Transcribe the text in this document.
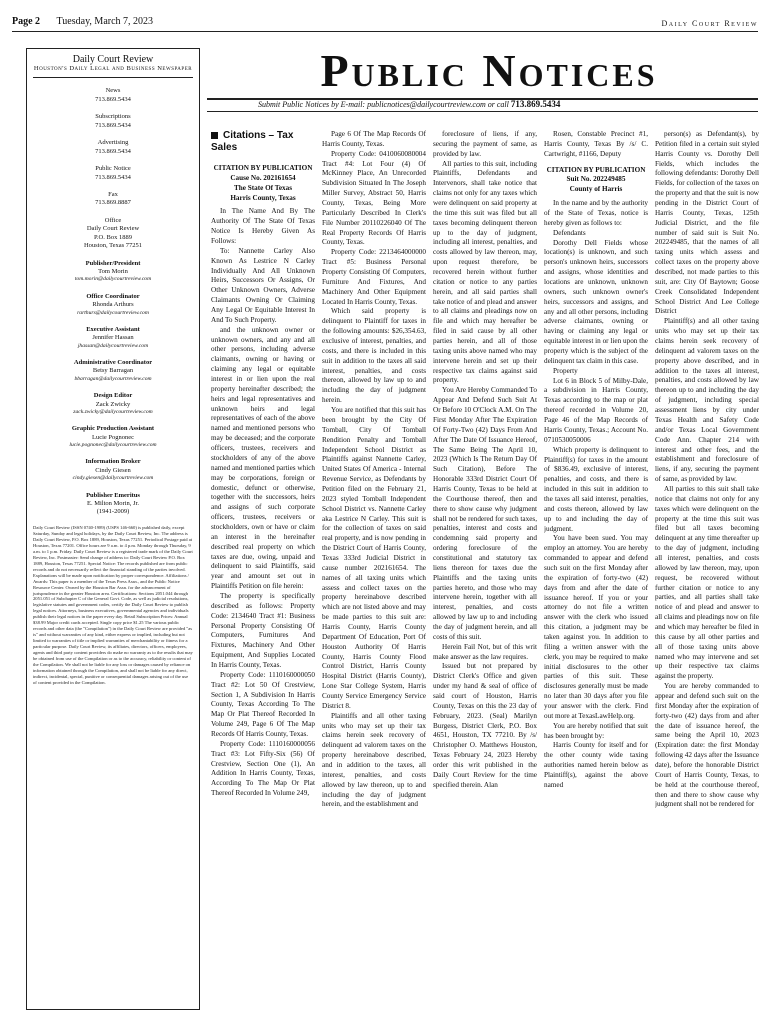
Page 2 Tuesday, March 7, 2023	Daily Court Review
Daily Court Review
Houston's Daily Legal and Business Newspaper
News
713.869.5434
Subscriptions
713.869.5434
Advertising
713.869.5434
Public Notice
713.869.5434
Fax
713.869.8887
Office
Daily Court Review
P.O. Box 1889
Houston, Texas 77251
Publisher/President
Tom Morin
tom.morin@dailycourtreview.com
Office Coordinator
Rhonda Arthurs
rarthurs@dailycourtreview.com
Executive Assistant
Jennifer Hassan
jhassan@dailycourtreview.com
Administrative Coordinator
Betsy Barragan
bbarragan@dailycourtreview.com
Design Editor
Zack Zwicky
zack.zwicky@dailycourtreview.com
Graphic Production Assistant
Lucie Pognonec
lucie.pognonec@dailycourtreview.com
Information Broker
Cindy Giesen
cindy.giesen@dailycourtreview.com
Publisher Emeritus
E. Milton Morin, Jr.
(1941-2009)
Daily Court Review (ISSN 0740-1989) (USPS 146-660) is published daily, except Saturday, Sunday and legal holidays, by the Daily Court Review, Inc. The address is Daily Court Review, P.O. Box 1889, Houston, Texas 77251. Periodical Postage paid at Houston, Texas 77201. Office hours are 9 a.m. to 4 p.m. Monday through Thursday, 9 a.m. to 1 p.m. Friday. Daily Court Review is a registered trade mark of the Daily Court Review, Inc. Postmaster: Send change of address to: Daily Court Review P.O. Box 1889, Houston, Texas 77251. Special Notice: The records published are from public records and do not necessarily reflect the financial standing of the parties involved. Explanations will be made upon notification by proper correspondence. Affiliations / Awards: This paper is a member of the Texas Press Assn., and the Public Notice Resource Center. Owned by the Houston Bar Assn. for the advancement of jurisprudence in the greater Houston area. Certifications: Sections 2051.044 through 2051.051 of Subchapter C of the General Govt. Code, as well as judicial resolutions, legislative statutes and government codes, certify the Daily Court Review to publish legal notices. Attorneys, business executives, governmental agencies and individuals publish their legal notices in the paper every day. Retail Subscription Prices: Annual $38.99 Major credit cards accepted. Single copy price $1.25 The various public records and other data (the "Compilation") in the Daily Court Review are provided "as is" and without warranties of any kind, either express or implied, including but not limited to warranties of title or implied warranties of merchantability or fitness for a particular purpose. Daily Court Review, its affiliates, directors, officers, employees, agents and third party content providers do make no warranty as to the results that may be obtained from use of the Compilation or as to the accuracy, reliability or content of the Compilation. We shall not be liable for any loss or damages caused by reliance on information obtained through the Compilation, and shall not be liable for any direct, indirect, incidental, special, punitive or consequential damages arising out of the use of content provided in the Compilation.
Public Notices
Submit Public Notices by E-mail: publicnotices@dailycourtreview.com or call 713.869.5434
Citations – Tax Sales
CITATION BY PUBLICATION
Cause No. 202161654
The State Of Texas
Harris County, Texas

In The Name And By The Authority Of The State Of Texas Notice Is Hereby Given As Follows:

To: Nannette Carley Also Known As Lestrice N Carley Individually And All Unknown Heirs, Successors Or Assigns, Or Other Unknown Owners, Adverse Claimants Owning Or Claiming Any Legal Or Equitable Interest In And To Such Property.

and the unknown owner or unknown owners, and any and all other persons, including adverse claimants, owning or having or claiming any legal or equitable interest in or lien upon the real property hereinafter described; the heirs and legal representatives and unknown heirs and legal representatives of each of the above named and mentioned persons who may be deceased; and the corporate officers, trustees, receivers and stockholders of any of the above named and mentioned parties which may be corporations, foreign or domestic, defunct or otherwise, together with the successors, heirs and assigns of such corporate officers, trustees, receivers or stockholders, own or have or claim an interest in the hereinafter described real property on which taxes are due, owing, unpaid and delinquent to said Plaintiffs, said year and amount set out in Plaintiffs Petition on file herein:

The property is specifically described as follows: Property Code: 2134640 Tract #1: Business Personal Property Consisting Of Computers, Furnitures And Fixtures, Machinery And Other Equipment, And Supplies Located In Harris County, Texas.

Property Code: 1110160000050 Tract #2: Lot 50 Of Crestview, Section 1, A Subdivision In Harris County, Texas According To The Map Or Plat Thereof Recorded In Volume 249, Page 6 Of The Map Records Of Harris County, Texas.

Property Code: 1110160000056 Tract #3: Lot Fifty-Six (56) Of Crestview, Section One (1), An Addition In Harris County, Texas, According To The Map Or Plat Thereof Recorded In Volume 249,

Page 6 Of The Map Records Of Harris County, Texas.

Property Code: 0410060080004 Tract #4: Lot Four (4) Of McKinney Place, An Unrecorded Subdivision Situated In The Joseph Miller Survey, Abstract 50, Harris County, Texas, Being More Particularly Described In Clerk's File Number 20110226040 Of The Real Property Records Of Harris County, Texas.

Property Code: 2213464000000 Tract #5: Business Personal Property Consisting Of Computers, Furniture And Fixtures, And Machinery And Other Equipment Located In Harris County, Texas.

Which said property is delinquent to Plaintiff for taxes in the following amounts: $26,354.63, exclusive of interest, penalties, and costs, and there is included in this suit in addition to the taxes all said interest, penalties, and costs thereon, allowed by law up to and including the day of judgment herein.

You are notified that this suit has been brought by the City Of Tomball, City Of Tomball Rendition Penalty and Tomball Independent School District as Plaintiffs against Nannette Carley, United States Of America - Internal Revenue Service, as Defendants by Petition filed on the February 21, 2023 styled Tomball Independent School District vs. Nannette Carley aka Lestrice N Carley. This suit is for the collection of taxes on said real property, and is now pending in the District Court of Harris County, Texas 333rd Judicial District in cause number 202161654. The names of all taxing units which assess and collect taxes on the property hereinabove described which are not listed above and may be made parties to this suit are: Harris County, Harris County Department Of Education, Port Of Houston Authority Of Harris County, Harris County Flood Control District, Harris County Hospital District (Harris County), Lone Star College System, Harris County Service Emergency Service District 8.

Plaintiffs and all other taxing units who may set up their tax claims herein seek recovery of delinquent ad valorem taxes on the property hereinabove described, and in addition to the taxes, all interest, penalties, and costs allowed by law thereon, up to and including the day of judgment herein, and the establishment and

foreclosure of liens, if any, securing the payment of same, as provided by law.

All parties to this suit, including Plaintiffs, Defendants and Intervenors, shall take notice that claims not only for any taxes which were delinquent on said property at the time this suit was filed but all taxes becoming delinquent thereon up to the day of judgment, including all interest, penalties, and costs allowed by law thereon, may, upon request therefore, be recovered herein without further citation or notice to any parties herein, and all said parties shall take notice of and plead and answer to all claims and pleadings now on file and which may hereafter be filed in said cause by all other parties herein, and all of those taxing units above named who may intervene herein and set up their respective tax claims against said property.

You Are Hereby Commanded To Appear And Defend Such Suit At Or Before 10 O'Clock A.M. On The First Monday After The Expiration Of Forty-Two (42) Days From And After The Date Of Issuance Hereof, The Same Being The April 10, 2023 (Which Is The Return Day Of Such Citation), Before The Honorable 333rd District Court Of Harris County, Texas to be held at the Courthouse thereof, then and there to show cause why judgment shall not be rendered for such taxes, penalties, interest and costs and condemning said property and ordering foreclosure of the constitutional and statutory tax liens thereon for taxes due the Plaintiffs and the taxing units parties hereto, and those who may intervene herein, together with all interest, penalties, and costs allowed by law up to and including the day of judgment herein, and all costs of this suit.

Herein Fail Not, but of this writ make answer as the law requires.

Issued but not prepared by District Clerk's Office and given under my hand & seal of office of said court of Houston, Harris County, Texas on this the 23 day of February, 2023. (Seal) Marilyn Burgess, District Clerk, P.O. Box 4651, Houston, TX 77210. By /s/ Christopher O. Matthews Houston, Texas February 24, 2023 Hereby order this writ published in the Daily Court Review for the time specified therein. Alan

Rosen, Constable Precinct #1, Harris County, Texas By /s/ C. Cartwright, #1166, Deputy

CITATION BY PUBLICATION
Suit No. 202249485
County of Harris

In the name and by the authority of the State of Texas, notice is hereby given as follows to:

Defendants

Dorothy Dell Fields whose location(s) is unknown, and such person's unknown heirs, successors and assigns, whose identities and locations are unknown, unknown owners, such unknown owner's heirs, successors and assigns, and any and all other persons, including adverse claimants, owning or having or claiming any legal or equitable interest in or lien upon the property which is the subject of the delinquent tax claim in this case.

Property

Lot 6 in Block 5 of Milby-Dale, a subdivision in Harris County, Texas according to the map or plat thereof recorded in Volume 20, Page 46 of the Map Records of Harris County, Texas.; Account No. 0710530050006

Which property is delinquent to Plaintiff(s) for taxes in the amount of $836.49, exclusive of interest, penalties, and costs, and there is included in this suit in addition to the taxes all said interest, penalties, and costs thereon, allowed by law up to and including the day of judgment.

You have been sued. You may employ an attorney. You are hereby commanded to appear and defend such suit on the first Monday after the expiration of forty-two (42) days from and after the date of issuance hereof. If you or your attorney do not file a written answer with the clerk who issued this citation, a judgment may be taken against you. In addition to filing a written answer with the clerk, you may be required to make initial disclosures to the other parties of this suit. These disclosures generally must be made no later than 30 days after you file your answer with the clerk. Find out more at TexasLawHelp.org.

You are hereby notified that suit has been brought by:

Harris County for itself and for the other county wide taxing authorities named herein below as Plaintiff(s), against the above named

person(s) as Defendant(s), by Petition filed in a certain suit styled Harris County vs. Dorothy Dell Fields, which includes the following defendants: Dorothy Dell Fields, for collection of the taxes on the property and that the suit is now pending in the District Court of Harris County, Texas, 125th Judicial District, and the file number of said suit is Suit No. 202249485, that the names of all taxing units which assess and collect taxes on the property above described, not made parties to this suit, are: City Of Baytown; Goose Creek Consolidated Independent School District And Lee College District

Plaintiff(s) and all other taxing units who may set up their tax claims herein seek recovery of delinquent ad valorem taxes on the property above described, and in addition to the taxes all interest, penalties, and costs allowed by law thereon up to and including the day of judgment, including special assessment liens by city under Texas Health and Safety Code and/or Texas Local Government Code Ann. Chapter 214 with interest and other fees, and the establishment and foreclosure of liens, if any, securing the payment of same, as provided by law.

All parties to this suit shall take notice that claims not only for any taxes which were delinquent on the property at the time this suit was filed but all taxes becoming delinquent at any time thereafter up to the day of judgment, including all interest, penalties, and costs allowed by law thereon, may, upon request, be recovered without further citation or notice to any parties, and all parties shall take notice of and plead and answer to all claims and pleadings now on file and which may hereafter be filed in this cause by all other parties and all of those taxing units above named who may intervene and set up their respective tax claims against the property.

You are hereby commanded to appear and defend such suit on the first Monday after the expiration of forty-two (42) days from and after the date of issuance hereof, the same being the April 10, 2023 (Expiration date: the first Monday following 42 days after the Issuance date), before the honorable District Court of Harris County, Texas, to be held at the courthouse thereof, then and there to show cause why judgment shall not be rendered for
